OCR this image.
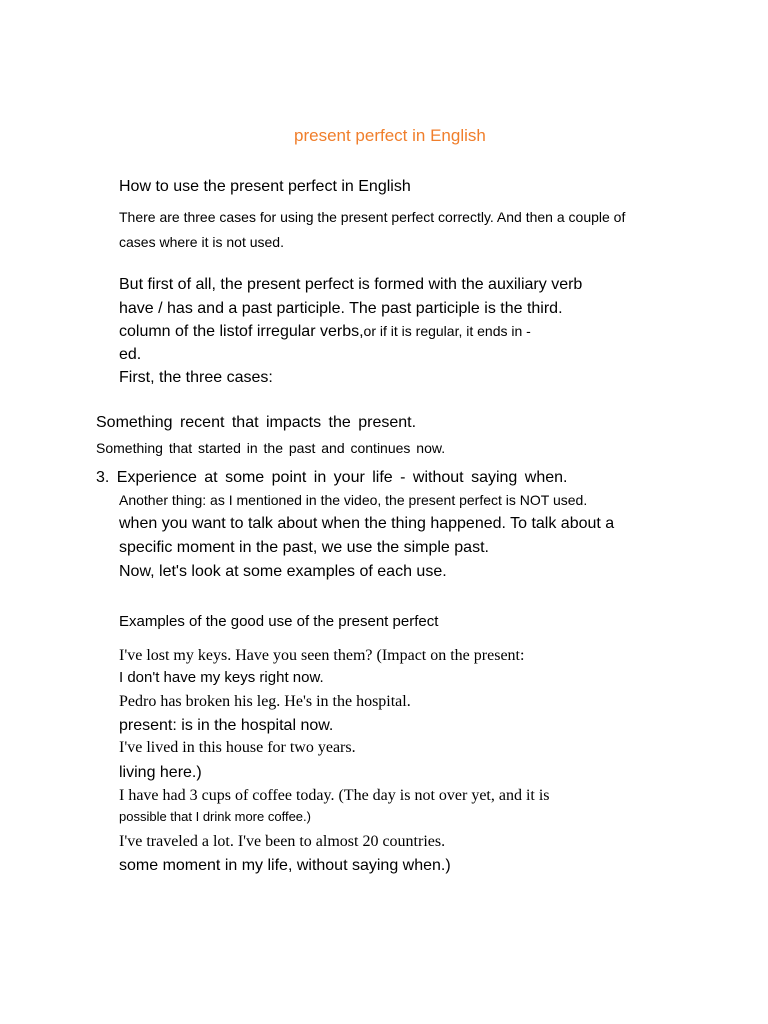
present perfect in English
How to use the present perfect in English
There are three cases for using the present perfect correctly. And then a couple of
cases where it is not used.
But first of all, the present perfect is formed with the auxiliary verb
have / has and a past participle. The past participle is the third.
column of the listof irregular verbs,or if it is regular, it ends in -
ed.
First, the three cases:
Something recent that impacts the present.
Something that started in the past and continues now.
3. Experience at some point in your life - without saying when.
Another thing: as I mentioned in the video, the present perfect is NOT used.
when you want to talk about when the thing happened. To talk about a
specific moment in the past, we use the simple past.
Now, let's look at some examples of each use.
Examples of the good use of the present perfect
I've lost my keys. Have you seen them? (Impact on the present:
I don't have my keys right now.
Pedro has broken his leg. He's in the hospital.
present: is in the hospital now.
I've lived in this house for two years.
living here.)
I have had 3 cups of coffee today. (The day is not over yet, and it is
possible that I drink more coffee.)
I've traveled a lot. I've been to almost 20 countries.
some moment in my life, without saying when.)
